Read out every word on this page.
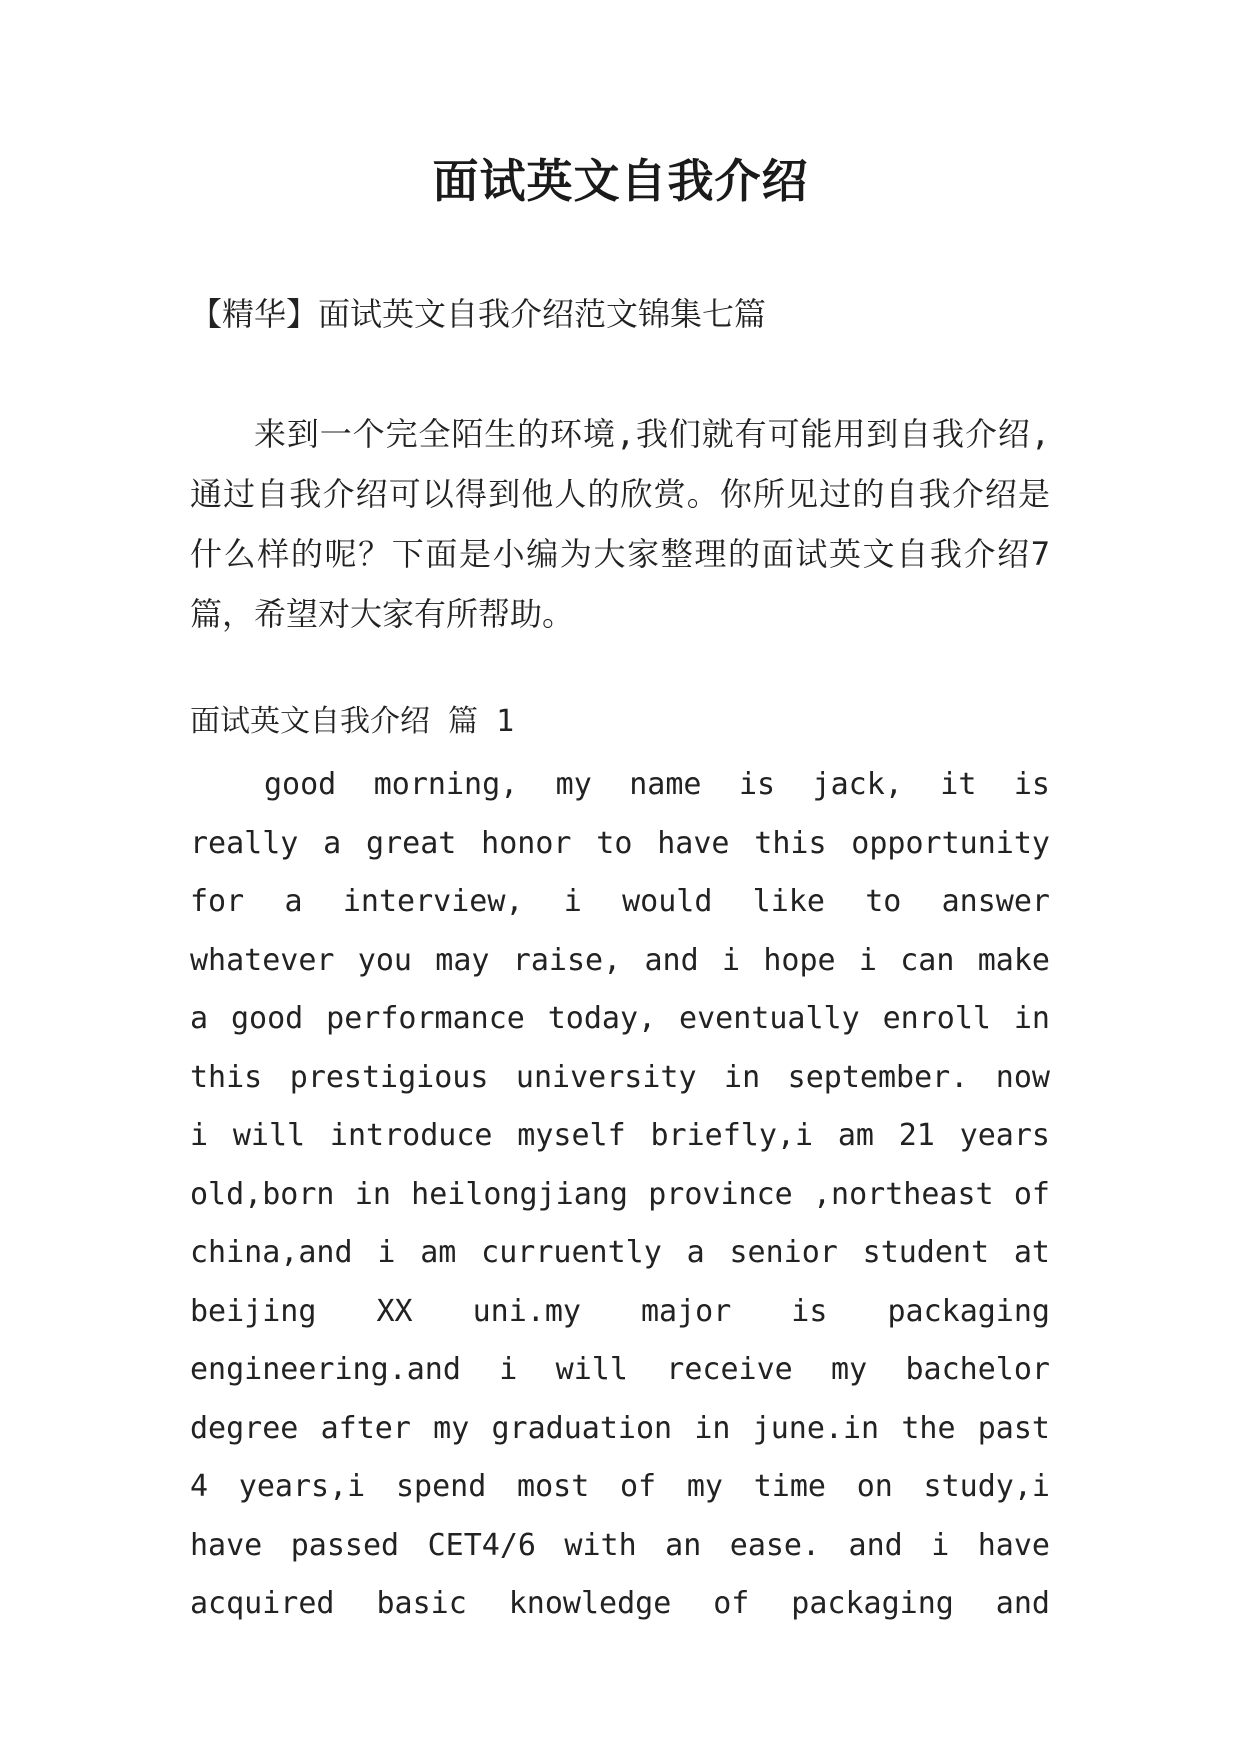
面试英文自我介绍

【精华】面试英文自我介绍范文锦集七篇

来到一个完全陌生的环境,我们就有可能用到自我介绍,通过自我介绍可以得到他人的欣赏。你所见过的自我介绍是什么样的呢？下面是小编为大家整理的面试英文自我介绍7篇，希望对大家有所帮助。

面试英文自我介绍 篇 1

good morning, my name is jack, it is really a great honor to have this opportunity for a interview, i would like to answer whatever you may raise, and i hope i can make a good performance today, eventually enroll in this prestigious university in september. now i will introduce myself briefly,i am 21 years old,born in heilongjiang province ,northeast of china,and i am curruently a senior student at beijing XX uni.my major is packaging engineering.and i will receive my bachelor degree after my graduation in june.in the past 4 years,i spend most of my time on study,i have passed CET4/6 with an ease. and i have acquired basic knowledge of packaging and
